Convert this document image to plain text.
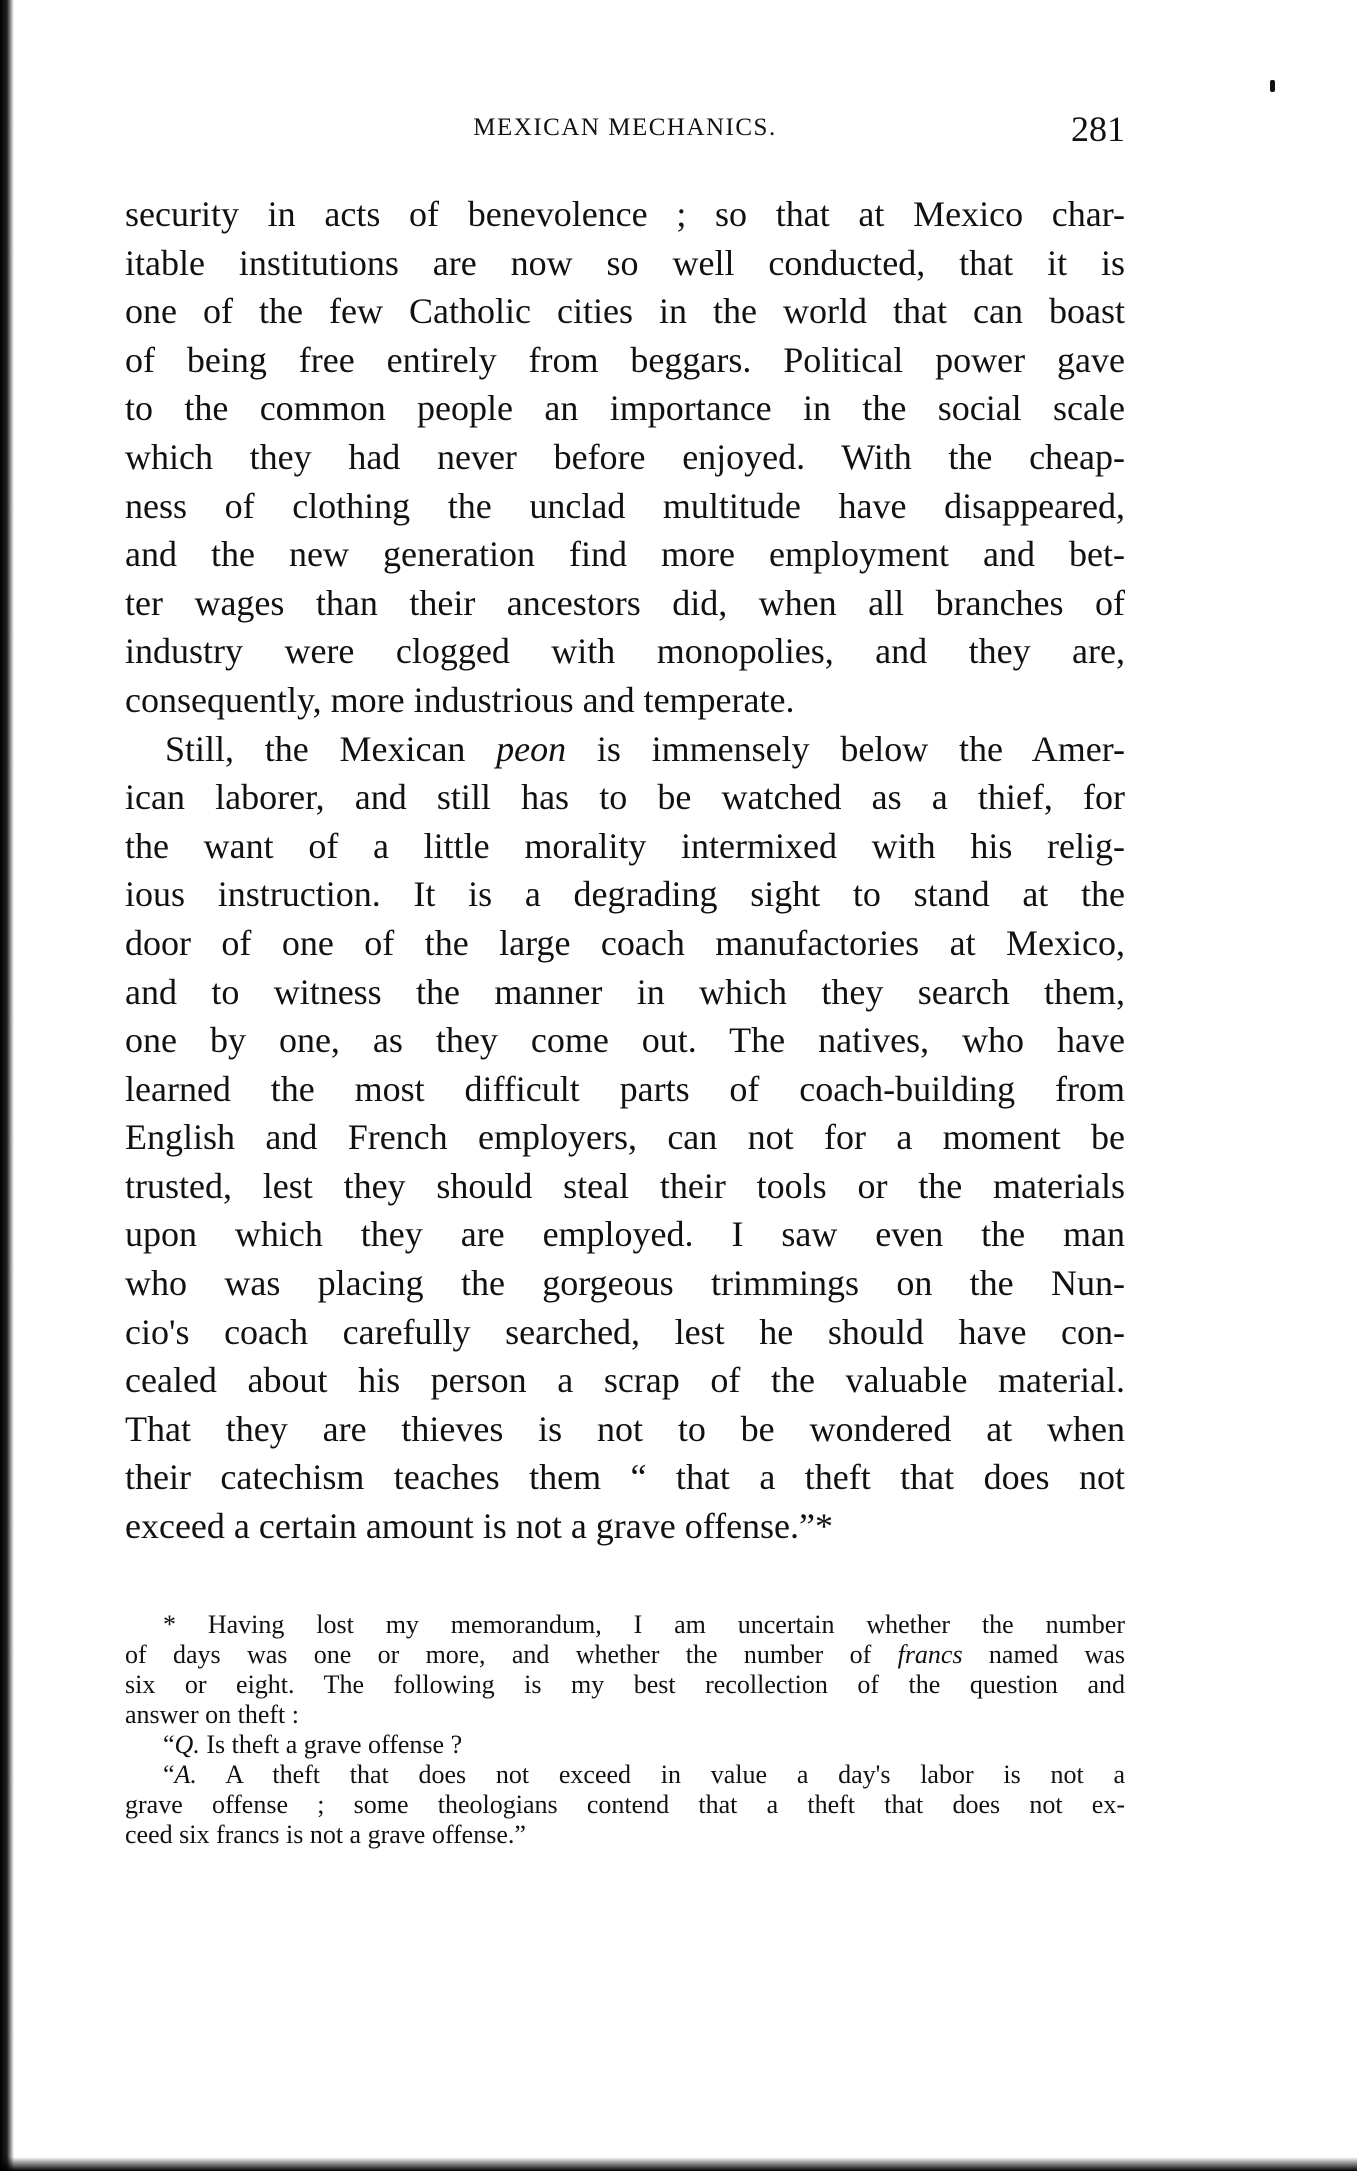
MEXICAN MECHANICS.	281
security in acts of benevolence ; so that at Mexico char-
itable institutions are now so well conducted, that it is
one of the few Catholic cities in the world that can boast
of being free entirely from beggars. Political power gave
to the common people an importance in the social scale
which they had never before enjoyed. With the cheap-
ness of clothing the unclad multitude have disappeared,
and the new generation find more employment and bet-
ter wages than their ancestors did, when all branches of
industry were clogged with monopolies, and they are,
consequently, more industrious and temperate.
Still, the Mexican peon is immensely below the Amer-
ican laborer, and still has to be watched as a thief, for
the want of a little morality intermixed with his relig-
ious instruction. It is a degrading sight to stand at the
door of one of the large coach manufactories at Mexico,
and to witness the manner in which they search them,
one by one, as they come out. The natives, who have
learned the most difficult parts of coach-building from
English and French employers, can not for a moment be
trusted, lest they should steal their tools or the materials
upon which they are employed. I saw even the man
who was placing the gorgeous trimmings on the Nun-
cio's coach carefully searched, lest he should have con-
cealed about his person a scrap of the valuable material.
That they are thieves is not to be wondered at when
their catechism teaches them “ that a theft that does not
exceed a certain amount is not a grave offense.”*
* Having lost my memorandum, I am uncertain whether the number
of days was one or more, and whether the number of francs named was
six or eight. The following is my best recollection of the question and
answer on theft :
“Q. Is theft a grave offense ?
“A. A theft that does not exceed in value a day's labor is not a
grave offense ; some theologians contend that a theft that does not ex-
ceed six francs is not a grave offense.”
